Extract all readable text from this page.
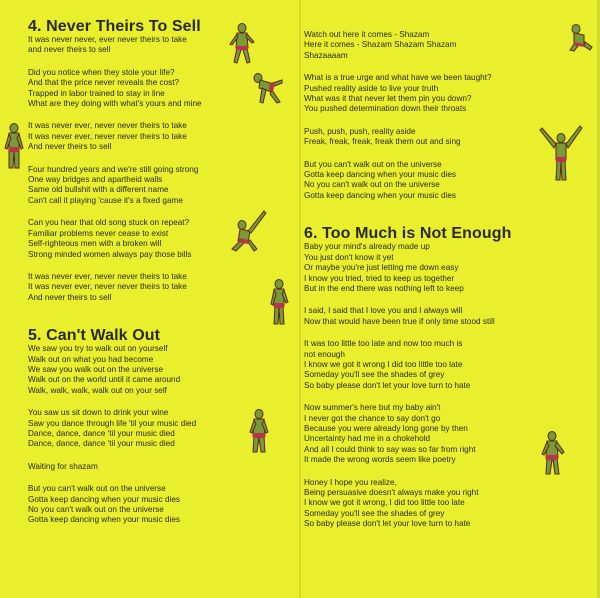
4. Never Theirs To Sell
It was never never, ever never theirs to take
and never theirs to sell
Did you notice when they stole your life?
And that the price never reveals the cost?
Trapped in labor trained to stay in line
What are they doing with what's yours and mine
It was never ever, never never theirs to take
It was never ever, never never theirs to take
And never theirs to sell
Four hundred years and we're still going strong
One way bridges and apartheid walls
Same old bullshit with a different name
Can't call it playing 'cause it's a fixed game
Can you hear that old song stuck on repeat?
Familiar problems never cease to exist
Self-righteous men with a broken will
Strong minded women always pay those bills
It was never ever, never never theirs to take
It was never ever, never never theirs to take
And never theirs to sell
5. Can't Walk Out
We saw you try to walk out on yourself
Walk out on what you had become
We saw you walk out on the universe
Walk out on the world until it came around
Walk, walk, walk, walk out on your self
You saw us sit down to drink your wine
Saw you dance through life 'til your music died
Dance, dance, dance 'til your music died
Dance, dance, dance 'til your music died
Waiting for shazam
But you can't walk out on the universe
Gotta keep dancing when your music dies
No you can't walk out on the universe
Gotta keep dancing when your music dies
Watch out here it comes - Shazam
Here it comes - Shazam Shazam Shazam
Shazaaaam
What is a true urge and what have we been taught?
Pushed reality aside to live your truth
What was it that never let them pin you down?
You pushed determination down their throats
Push, push, push, reality aside
Freak, freak, freak, freak them out and sing
But you can't walk out on the universe
Gotta keep dancing when your music dies
No you can't walk out on the universe
Gotta keep dancing when your music dies
6. Too Much is Not Enough
Baby your mind's already made up
You just don't know it yet
Or maybe you're just letting me down easy
I know you tried, tried to keep us together
But in the end there was nothing left to keep
I said, I said that I love you and I always will
Now that would have been true if only time stood still
It was too little too late and now too much is
not enough
I know we got it wrong I did too little too late
Someday you'll see the shades of grey
So baby please don't let your love turn to hate
Now summer's here but my baby ain't
I never got the chance to say don't go
Because you were already long gone by then
Uncertainty had me in a chokehold
And all I could think to say was so far from right
It made the wrong words seem like poetry
Honey I hope you realize,
Being persuasive doesn't always make you right
I know we got it wrong, I did too little too late
Someday you'll see the shades of grey
So baby please don't let your love turn to hate
